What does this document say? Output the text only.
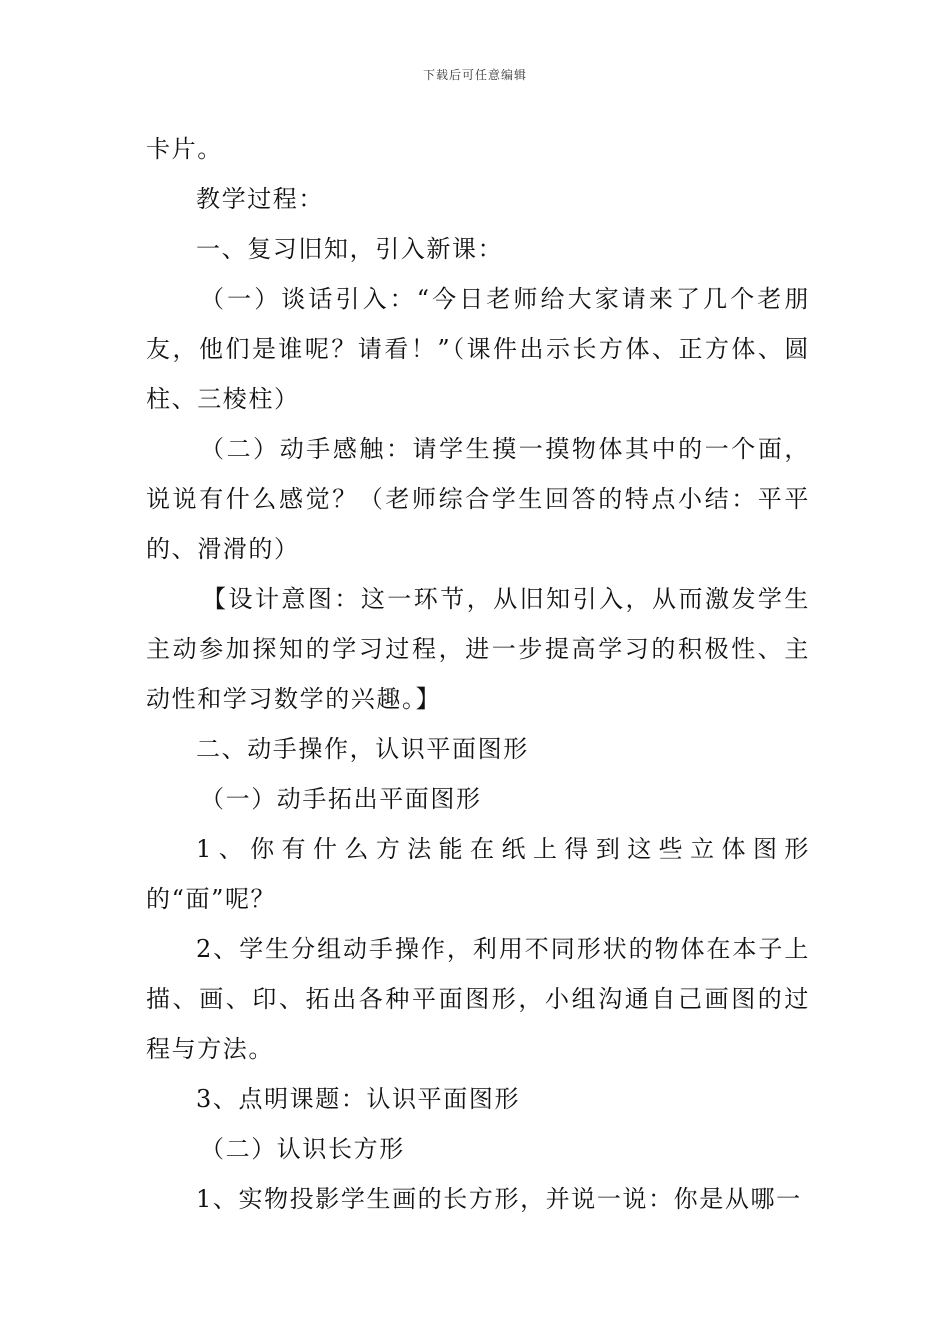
下载后可任意编辑

卡片。

教学过程：

一、复习旧知，引入新课：

（一）谈话引入：“今日老师给大家请来了几个老朋友，他们是谁呢？请看！”（课件出示长方体、正方体、圆柱、三棱柱）

（二）动手感触：请学生摸一摸物体其中的一个面，说说有什么感觉？（老师综合学生回答的特点小结：平平的、滑滑的）

【设计意图：这一环节，从旧知引入，从而激发学生主动参加探知的学习过程，进一步提高学习的积极性、主动性和学习数学的兴趣。】

二、动手操作，认识平面图形

（一）动手拓出平面图形

1、你有什么方法能在纸上得到这些立体图形的“面”呢？

2、学生分组动手操作，利用不同形状的物体在本子上描、画、印、拓出各种平面图形，小组沟通自己画图的过程与方法。

3、点明课题：认识平面图形

（二）认识长方形

1、实物投影学生画的长方形，并说一说：你是从哪一
